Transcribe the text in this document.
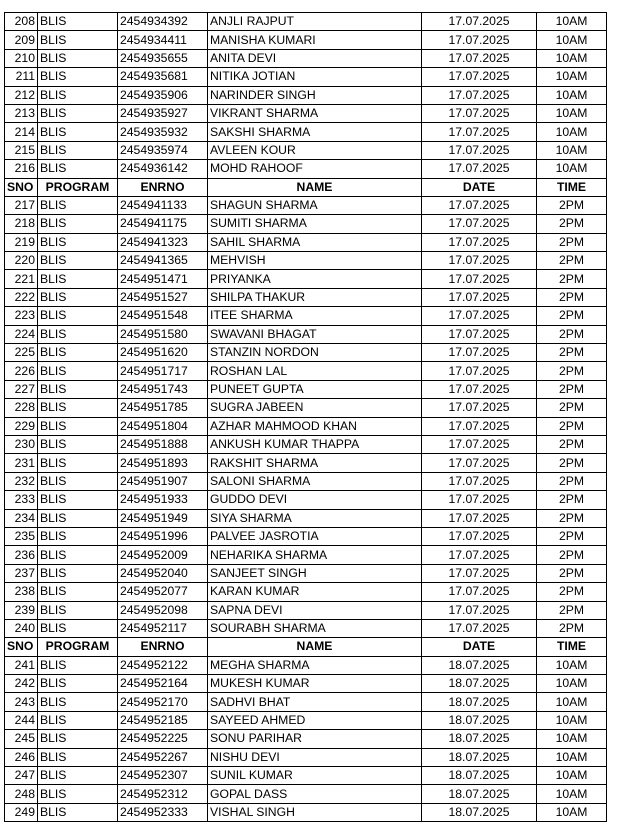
208	BLIS	2454934392	ANJLI RAJPUT	17.07.2025	10AM
209	BLIS	2454934411	MANISHA KUMARI	17.07.2025	10AM
210	BLIS	2454935655	ANITA DEVI	17.07.2025	10AM
211	BLIS	2454935681	NITIKA JOTIAN	17.07.2025	10AM
212	BLIS	2454935906	NARINDER SINGH	17.07.2025	10AM
213	BLIS	2454935927	VIKRANT SHARMA	17.07.2025	10AM
214	BLIS	2454935932	SAKSHI SHARMA	17.07.2025	10AM
215	BLIS	2454935974	AVLEEN KOUR	17.07.2025	10AM
216	BLIS	2454936142	MOHD RAHOOF	17.07.2025	10AM
SNO	PROGRAM	ENRNO	NAME	DATE	TIME
217	BLIS	2454941133	SHAGUN SHARMA	17.07.2025	2PM
218	BLIS	2454941175	SUMITI SHARMA	17.07.2025	2PM
219	BLIS	2454941323	SAHIL SHARMA	17.07.2025	2PM
220	BLIS	2454941365	MEHVISH	17.07.2025	2PM
221	BLIS	2454951471	PRIYANKA	17.07.2025	2PM
222	BLIS	2454951527	SHILPA THAKUR	17.07.2025	2PM
223	BLIS	2454951548	ITEE SHARMA	17.07.2025	2PM
224	BLIS	2454951580	SWAVANI BHAGAT	17.07.2025	2PM
225	BLIS	2454951620	STANZIN NORDON	17.07.2025	2PM
226	BLIS	2454951717	ROSHAN LAL	17.07.2025	2PM
227	BLIS	2454951743	PUNEET GUPTA	17.07.2025	2PM
228	BLIS	2454951785	SUGRA JABEEN	17.07.2025	2PM
229	BLIS	2454951804	AZHAR MAHMOOD KHAN	17.07.2025	2PM
230	BLIS	2454951888	ANKUSH KUMAR THAPPA	17.07.2025	2PM
231	BLIS	2454951893	RAKSHIT SHARMA	17.07.2025	2PM
232	BLIS	2454951907	SALONI SHARMA	17.07.2025	2PM
233	BLIS	2454951933	GUDDO DEVI	17.07.2025	2PM
234	BLIS	2454951949	SIYA SHARMA	17.07.2025	2PM
235	BLIS	2454951996	PALVEE JASROTIA	17.07.2025	2PM
236	BLIS	2454952009	NEHARIKA SHARMA	17.07.2025	2PM
237	BLIS	2454952040	SANJEET SINGH	17.07.2025	2PM
238	BLIS	2454952077	KARAN KUMAR	17.07.2025	2PM
239	BLIS	2454952098	SAPNA DEVI	17.07.2025	2PM
240	BLIS	2454952117	SOURABH SHARMA	17.07.2025	2PM
SNO	PROGRAM	ENRNO	NAME	DATE	TIME
241	BLIS	2454952122	MEGHA SHARMA	18.07.2025	10AM
242	BLIS	2454952164	MUKESH KUMAR	18.07.2025	10AM
243	BLIS	2454952170	SADHVI BHAT	18.07.2025	10AM
244	BLIS	2454952185	SAYEED AHMED	18.07.2025	10AM
245	BLIS	2454952225	SONU PARIHAR	18.07.2025	10AM
246	BLIS	2454952267	NISHU DEVI	18.07.2025	10AM
247	BLIS	2454952307	SUNIL KUMAR	18.07.2025	10AM
248	BLIS	2454952312	GOPAL DASS	18.07.2025	10AM
249	BLIS	2454952333	VISHAL SINGH	18.07.2025	10AM
